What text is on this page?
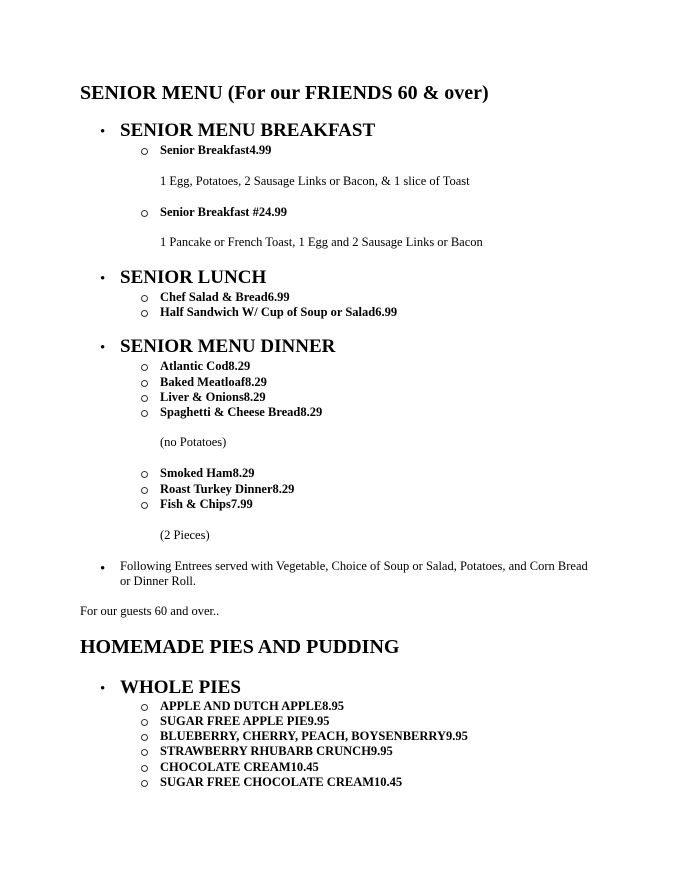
SENIOR MENU (For our FRIENDS 60 & over)
• SENIOR MENU BREAKFAST
Senior Breakfast4.99
1 Egg, Potatoes, 2 Sausage Links or Bacon, & 1 slice of Toast
Senior Breakfast #24.99
1 Pancake or French Toast, 1 Egg and 2 Sausage Links or Bacon
• SENIOR LUNCH
Chef Salad & Bread6.99
Half Sandwich W/ Cup of Soup or Salad6.99
• SENIOR MENU DINNER
Atlantic Cod8.29
Baked Meatloaf8.29
Liver & Onions8.29
Spaghetti & Cheese Bread8.29
(no Potatoes)
Smoked Ham8.29
Roast Turkey Dinner8.29
Fish & Chips7.99
(2 Pieces)
• Following Entrees served with Vegetable, Choice of Soup or Salad, Potatoes, and Corn Bread or Dinner Roll.
For our guests 60 and over..
HOMEMADE PIES AND PUDDING
• WHOLE PIES
APPLE AND DUTCH APPLE8.95
SUGAR FREE APPLE PIE9.95
BLUEBERRY, CHERRY, PEACH, BOYSENBERRY9.95
STRAWBERRY RHUBARB CRUNCH9.95
CHOCOLATE CREAM10.45
SUGAR FREE CHOCOLATE CREAM10.45
